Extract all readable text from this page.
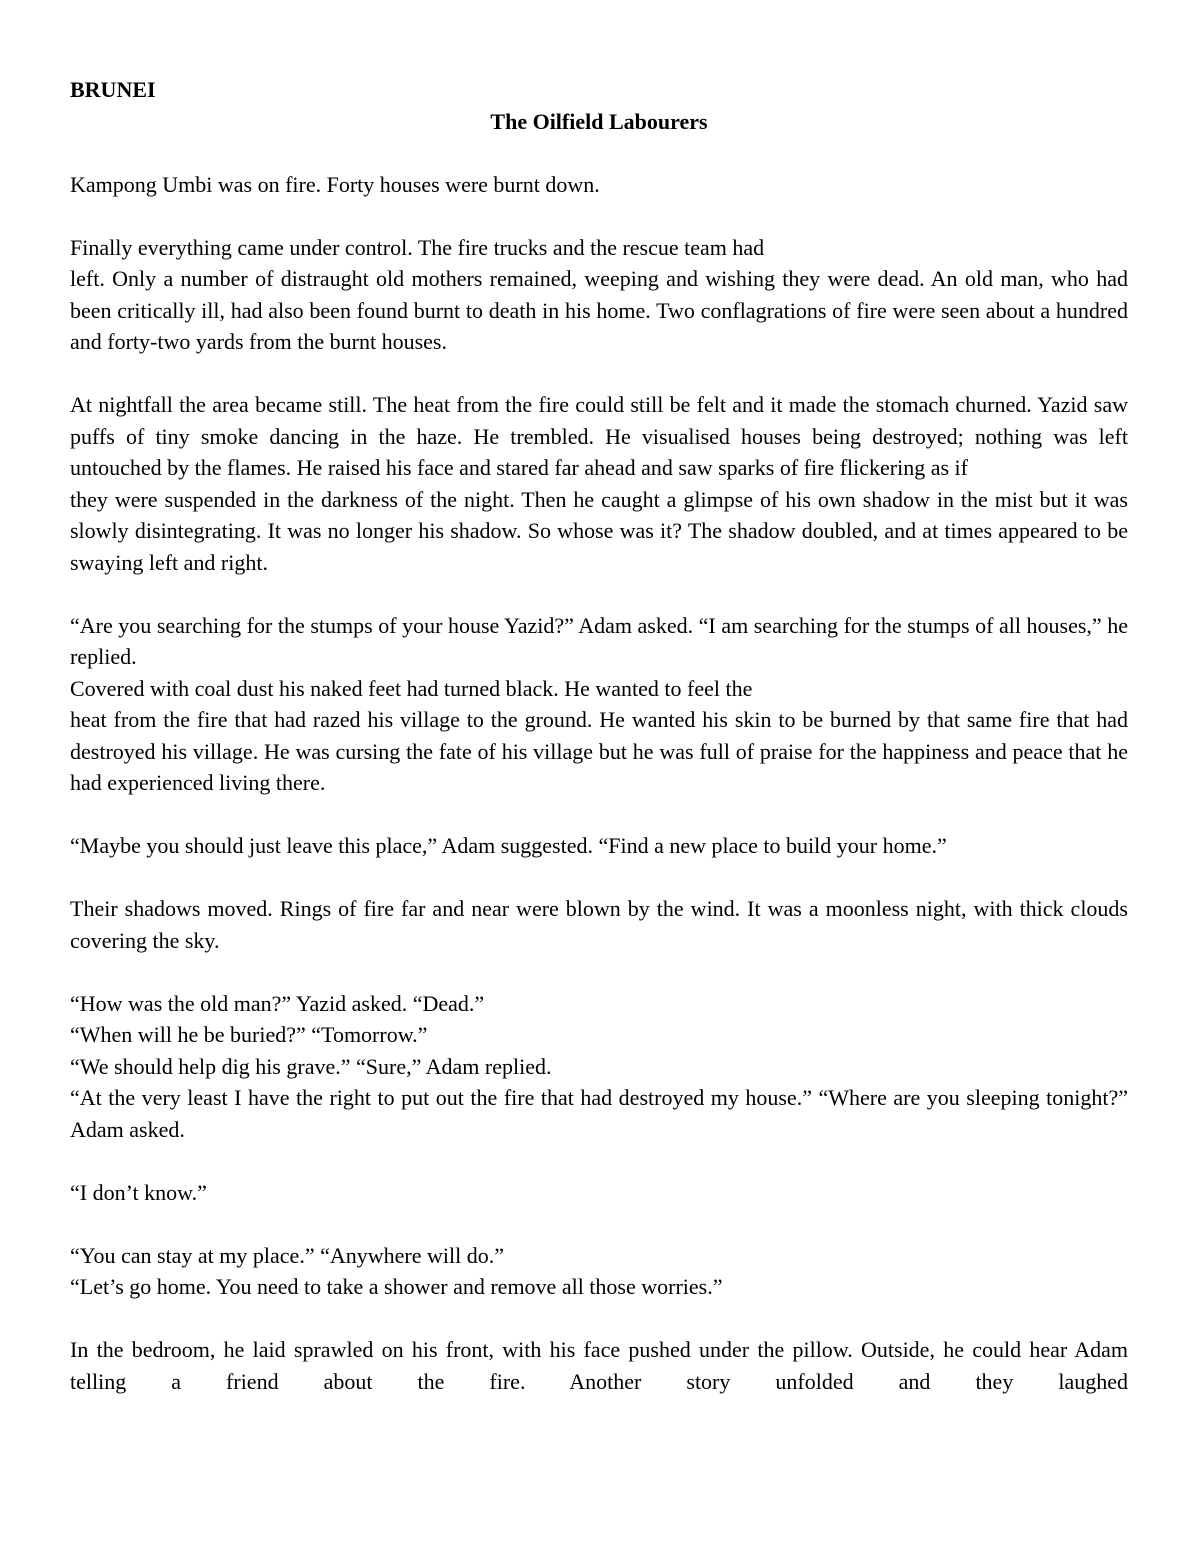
BRUNEI

The Oilfield Labourers

Kampong Umbi was on fire. Forty houses were burnt down.

Finally everything came under control. The fire trucks and the rescue team had
left. Only a number of distraught old mothers remained, weeping and wishing they were dead. An old man, who had been critically ill, had also been found burnt to death in his home. Two conflagrations of fire were seen about a hundred and forty-two yards from the burnt houses.
At nightfall the area became still. The heat from the fire could still be felt and it made the stomach churned. Yazid saw puffs of tiny smoke dancing in the haze. He trembled. He visualised houses being destroyed; nothing was left untouched by the flames. He raised his face and stared far ahead and saw sparks of fire flickering as if
they were suspended in the darkness of the night. Then he caught a glimpse of his own shadow in the mist but it was slowly disintegrating. It was no longer his shadow. So whose was it? The shadow doubled, and at times appeared to be swaying left and right.
“Are you searching for the stumps of your house Yazid?” Adam asked. “I am searching for the stumps of all houses,” he replied.
Covered with coal dust his naked feet had turned black. He wanted to feel the
heat from the fire that had razed his village to the ground. He wanted his skin to be burned by that same fire that had destroyed his village. He was cursing the fate of his village but he was full of praise for the happiness and peace that he had experienced living there.

“Maybe you should just leave this place,” Adam suggested. “Find a new place to build your home.”

Their shadows moved. Rings of fire far and near were blown by the wind. It was a moonless night, with thick clouds covering the sky.

“How was the old man?” Yazid asked. “Dead.”
“When will he be buried?” “Tomorrow.”
“We should help dig his grave.” “Sure,” Adam replied.
“At the very least I have the right to put out the fire that had destroyed my house.” “Where are you sleeping tonight?” Adam asked.

“I don’t know.”

“You can stay at my place.” “Anywhere will do.”
“Let’s go home. You need to take a shower and remove all those worries.”

In the bedroom, he laid sprawled on his front, with his face pushed under the pillow. Outside, he could hear Adam telling a friend about the fire. Another story unfolded and they laughed
